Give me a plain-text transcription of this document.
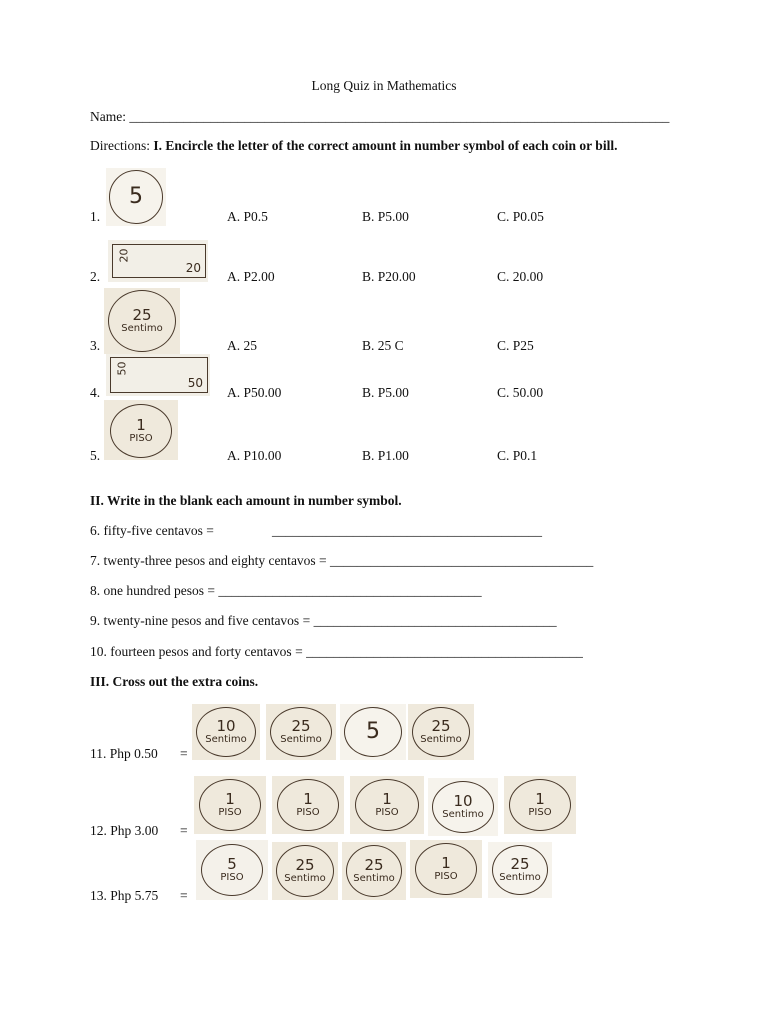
Long Quiz in Mathematics
Name: ________________________________________________________________________________
Directions: I. Encircle the letter of the correct amount in number symbol of each coin or bill.
1.
5
A. P0.5	B. P5.00	C. P0.05
2.
20
20
A. P2.00	B. P20.00	C. 20.00
3.
25
Sentimo
A. 25	B. 25 C	C. P25
4.
50
50
A. P50.00	B. P5.00	C. 50.00
5.
1
PISO
A. P10.00	B. P1.00	C. P0.1
II. Write in the blank each amount in number symbol.
6. fifty-five centavos =	________________________________________
7. twenty-three pesos and eighty centavos = _______________________________________
8. one hundred pesos = _______________________________________
9. twenty-nine pesos and five centavos = ____________________________________
10. fourteen pesos and forty centavos = _________________________________________
III. Cross out the extra coins.
11. Php 0.50 =
10
Sentimo
25
Sentimo 5	25
Sentimo
12. Php 3.00 =
1
PISO
1
PISO
1
PISO
10
Sentimo
1
PISO
13. Php 5.75 =
5
PISO
25
Sentimo
25
Sentimo
1
PISO
25
Sentimo
